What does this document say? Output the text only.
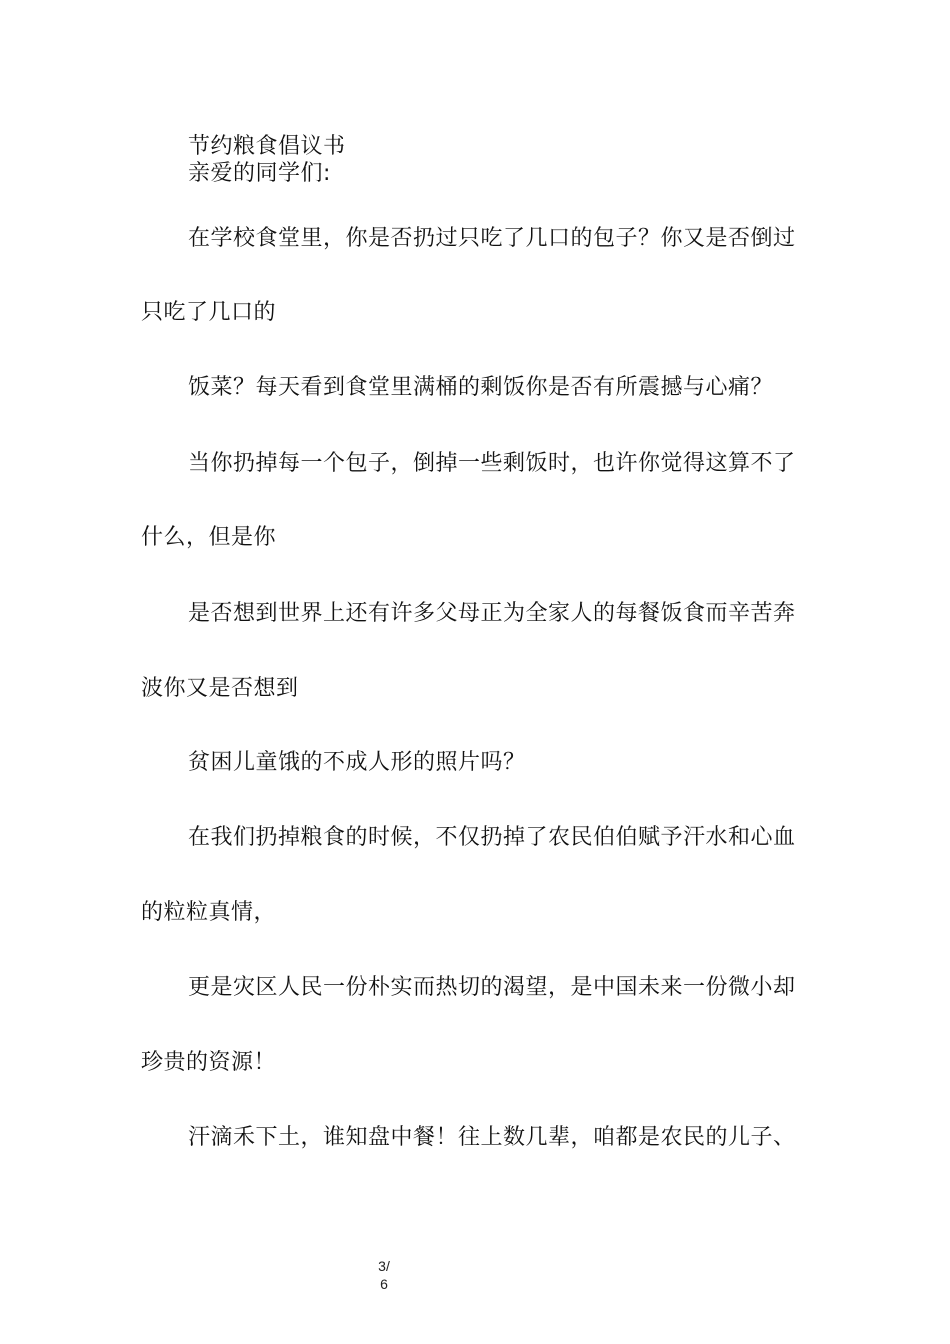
节约粮食倡议书
亲爱的同学们:
在学校食堂里，你是否扔过只吃了几口的包子？你又是否倒过
只吃了几口的
饭菜？每天看到食堂里满桶的剩饭你是否有所震撼与心痛？
当你扔掉每一个包子，倒掉一些剩饭时，也许你觉得这算不了
什么，但是你
是否想到世界上还有许多父母正为全家人的每餐饭食而辛苦奔
波你又是否想到
贫困儿童饿的不成人形的照片吗？
在我们扔掉粮食的时候，不仅扔掉了农民伯伯赋予汗水和心血
的粒粒真情，
更是灾区人民一份朴实而热切的渴望，是中国未来一份微小却
珍贵的资源！
汗滴禾下土，谁知盘中餐！往上数几辈，咱都是农民的儿子、
3/
6
